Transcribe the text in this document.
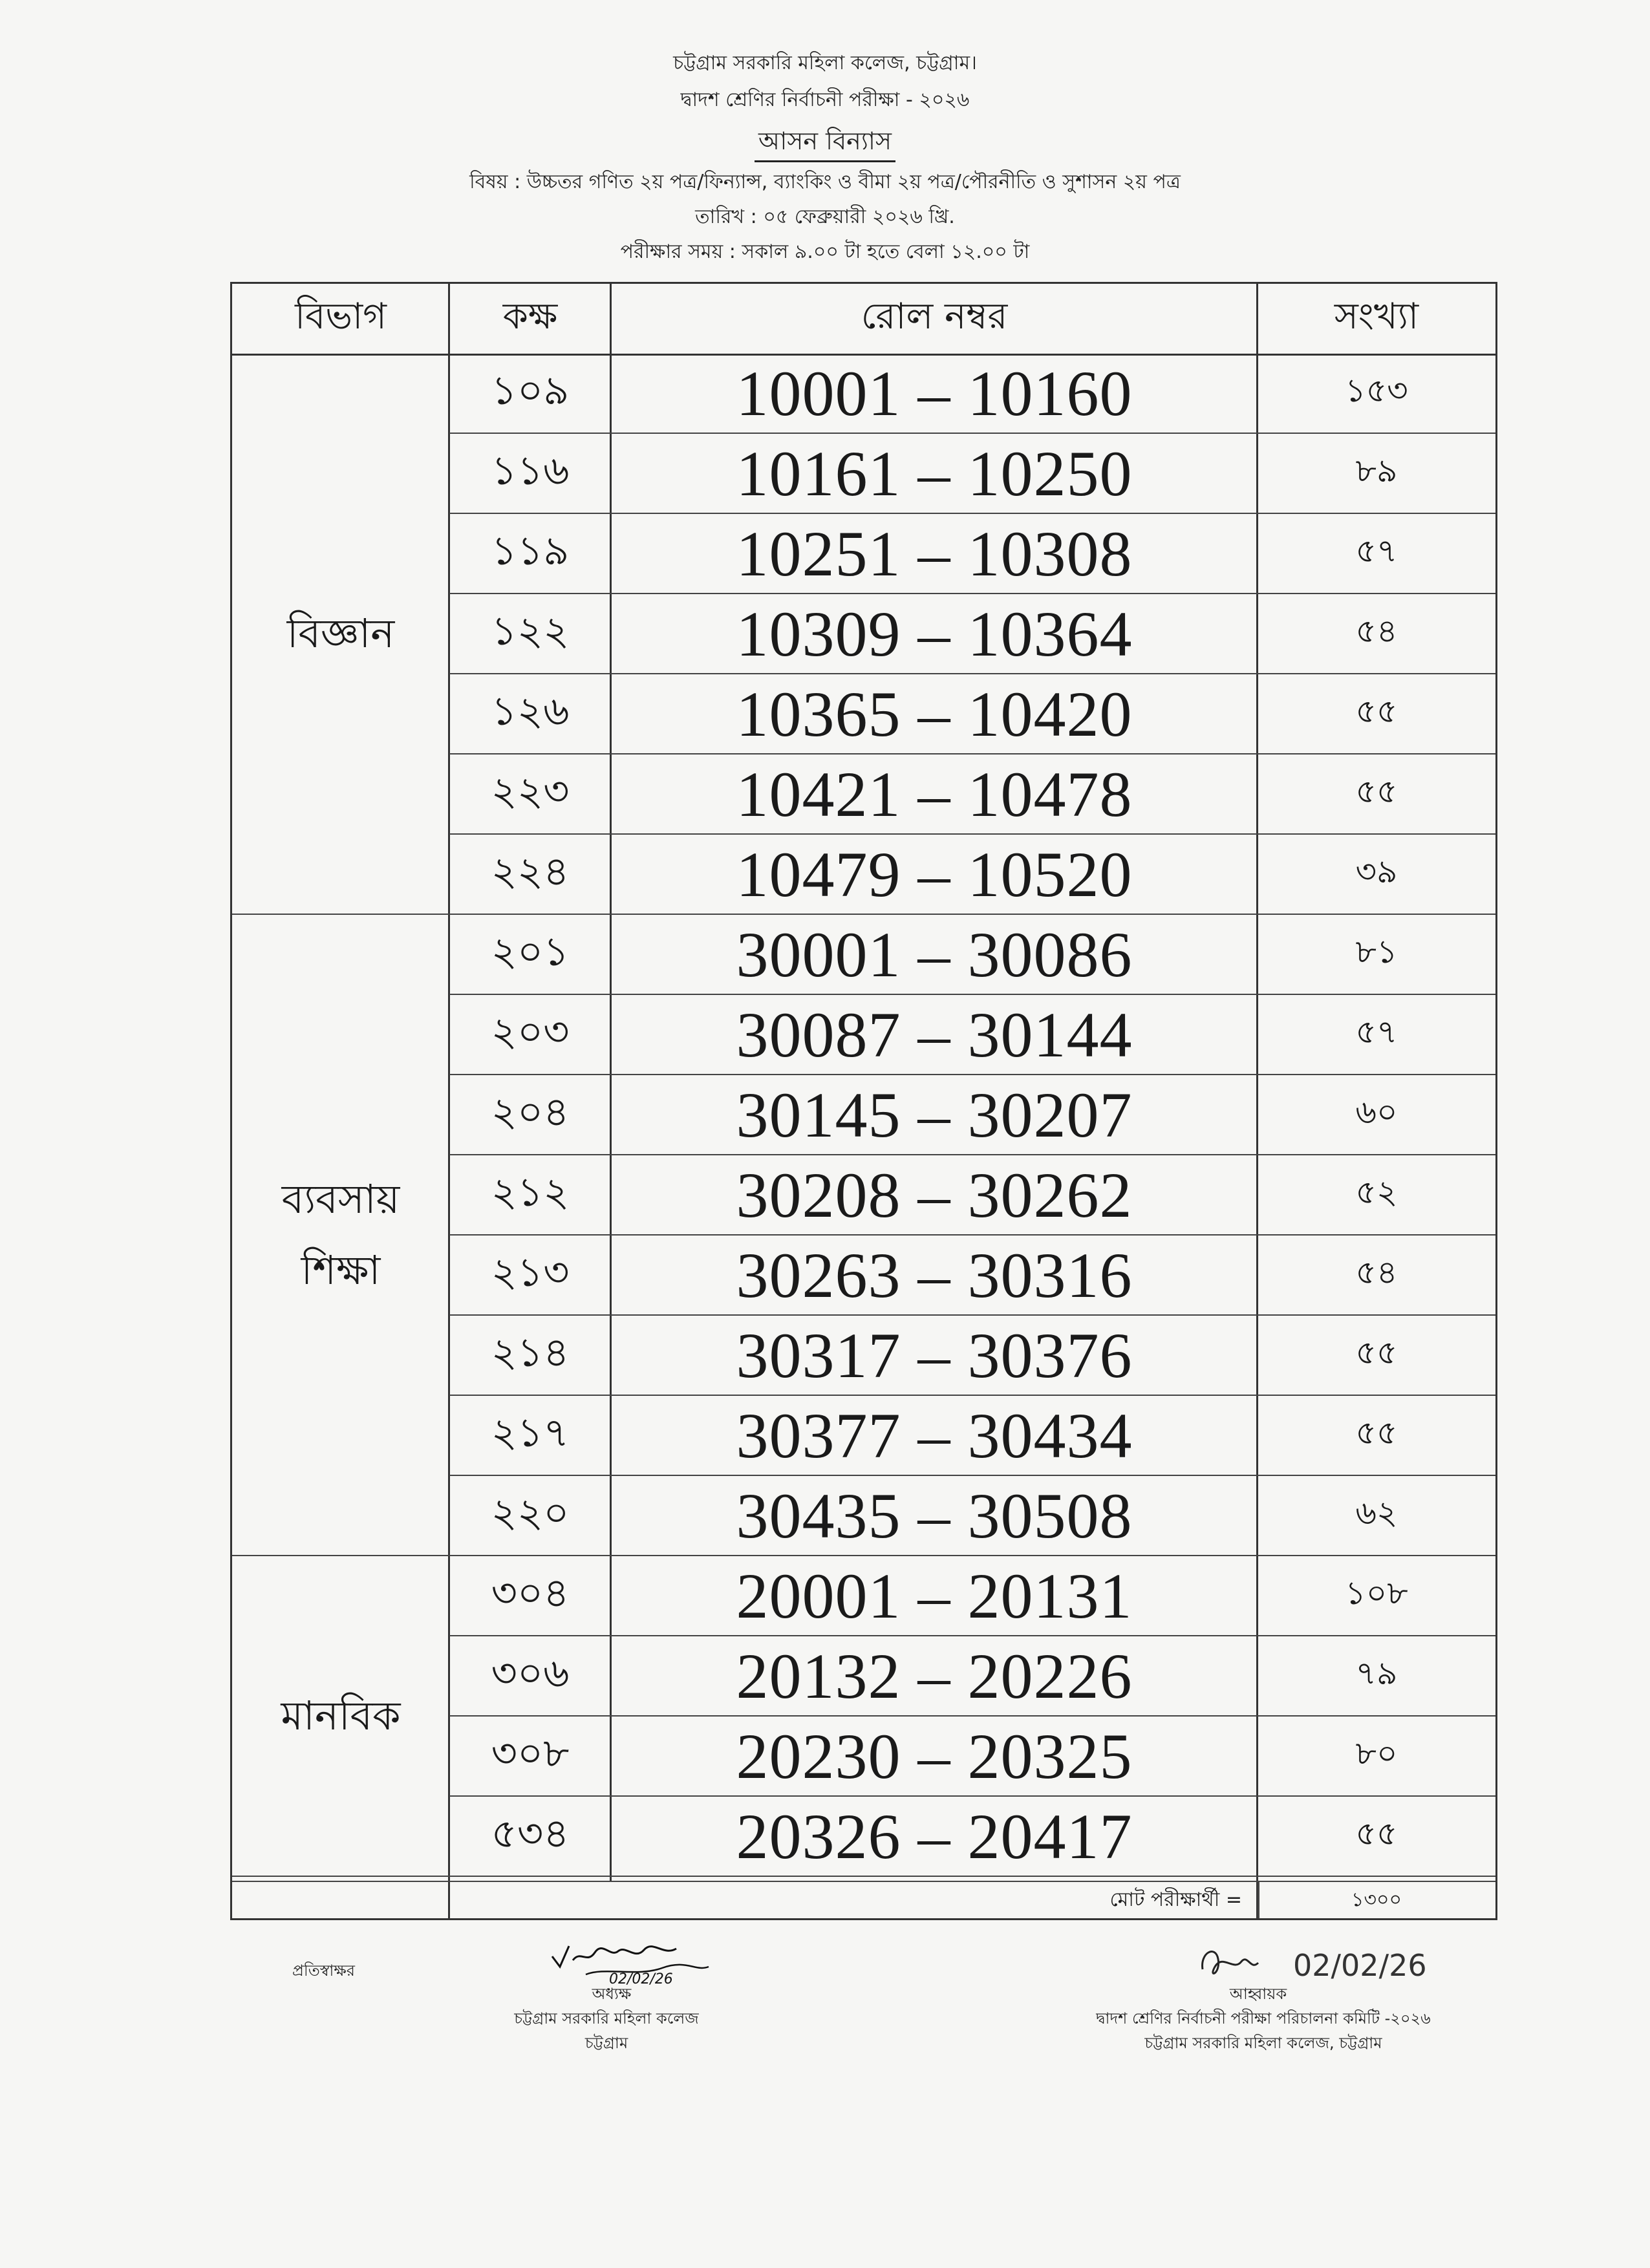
চট্টগ্রাম সরকারি মহিলা কলেজ, চট্টগ্রাম।
দ্বাদশ শ্রেণির নির্বাচনী পরীক্ষা - ২০২৬
আসন বিন্যাস
বিষয় : উচ্চতর গণিত ২য় পত্র/ফিন্যান্স, ব্যাংকিং ও বীমা ২য় পত্র/পৌরনীতি ও সুশাসন ২য় পত্র
তারিখ : ০৫ ফেব্রুয়ারী ২০২৬ খ্রি.
পরীক্ষার সময় : সকাল ৯.০০ টা হতে বেলা ১২.০০ টা
বিভাগ	কক্ষ	রোল নম্বর	সংখ্যা
বিজ্ঞান
১০৯	10001 – 10160	১৫৩
১১৬	10161 – 10250	৮৯
১১৯	10251 – 10308	৫৭
১২২	10309 – 10364	৫৪
১২৬	10365 – 10420	৫৫
২২৩	10421 – 10478	৫৫
২২৪	10479 – 10520	৩৯
ব্যবসায়
শিক্ষা
২০১	30001 – 30086	৮১
২০৩	30087 – 30144	৫৭
২০৪	30145 – 30207	৬০
২১২	30208 – 30262	৫২
২১৩	30263 – 30316	৫৪
২১৪	30317 – 30376	৫৫
২১৭	30377 – 30434	৫৫
২২০	30435 – 30508	৬২
মানবিক
৩০৪	20001 – 20131	১০৮
৩০৬	20132 – 20226	৭৯
৩০৮	20230 – 20325	৮০
৫৩৪	20326 – 20417	৫৫
মোট পরীক্ষার্থী =	১৩০০
প্রতিস্বাক্ষর	02/02/26
অধ্যক্ষ
চট্টগ্রাম সরকারি মহিলা কলেজ
চট্টগ্রাম
02/02/26
আহ্বায়ক
দ্বাদশ শ্রেণির নির্বাচনী পরীক্ষা পরিচালনা কমিটি -২০২৬
চট্টগ্রাম সরকারি মহিলা কলেজ, চট্টগ্রাম
